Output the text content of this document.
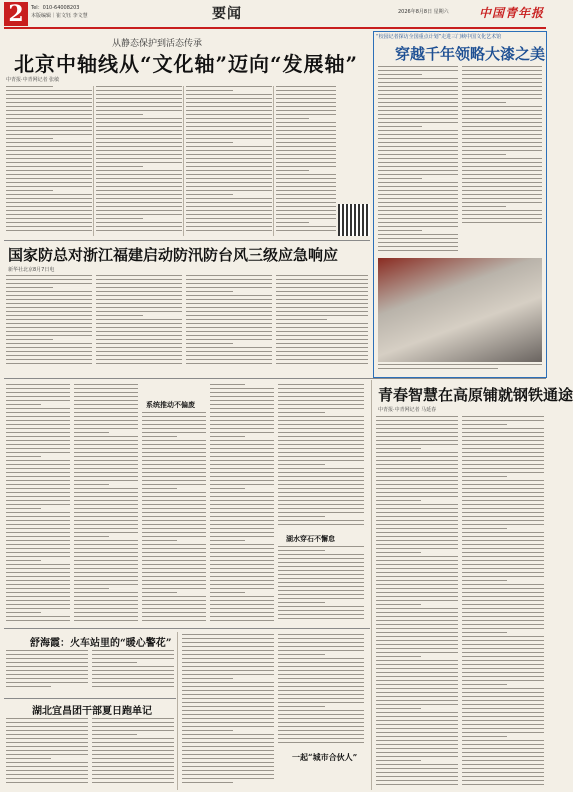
2	Tel：010-64008203
本版编辑｜崔文钰 李文慧	要闻	2026年8月8日 星期六	中国青年报
从静态保护到活态传承
北京中轴线从“文化轴”迈向“发展轴”
中青报·中青网记者 张敏
“校园记者探访全国重点计划”走进三门峡中国文化艺术馆
穿越千年领略大漆之美
国家防总对浙江福建启动防汛防台风三级应急响应
新华社北京8月7日电
系统推动不偏废
湖水穿石不懈怠
青春智慧在高原铺就钢铁通途
中青报·中青网记者 马延春
舒海霞：火车站里的“暖心警花”
湖北宜昌团干部夏日跑单记
一起“城市合伙人”
